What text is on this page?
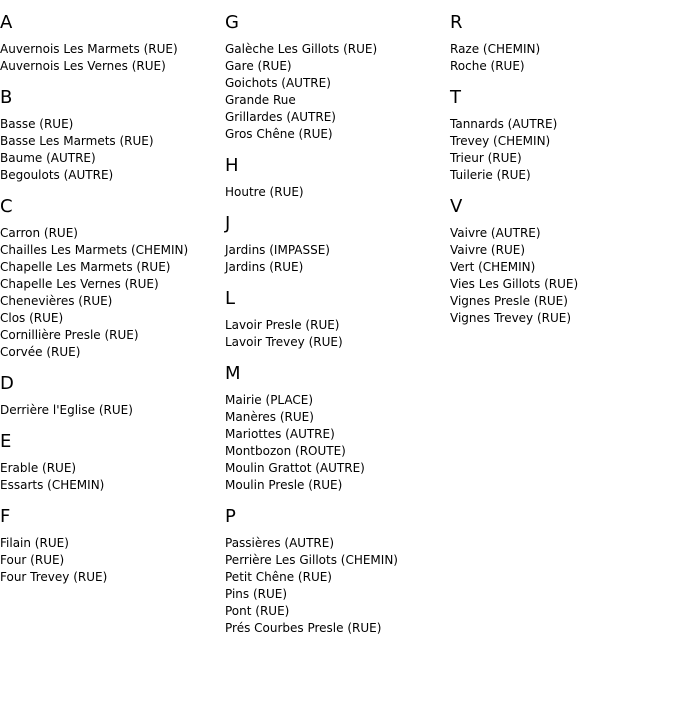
A
Auvernois Les Marmets (RUE)
Auvernois Les Vernes (RUE)
B
Basse (RUE)
Basse Les Marmets (RUE)
Baume (AUTRE)
Begoulots (AUTRE)
C
Carron (RUE)
Chailles Les Marmets (CHEMIN)
Chapelle Les Marmets (RUE)
Chapelle Les Vernes (RUE)
Chenevières (RUE)
Clos (RUE)
Cornillière Presle (RUE)
Corvée (RUE)
D
Derrière l'Eglise (RUE)
E
Erable (RUE)
Essarts (CHEMIN)
F
Filain (RUE)
Four (RUE)
Four Trevey (RUE)
G
Galèche Les Gillots (RUE)
Gare (RUE)
Goichots (AUTRE)
Grande Rue
Grillardes (AUTRE)
Gros Chêne (RUE)
H
Houtre (RUE)
J
Jardins (IMPASSE)
Jardins (RUE)
L
Lavoir Presle (RUE)
Lavoir Trevey (RUE)
M
Mairie (PLACE)
Manères (RUE)
Mariottes (AUTRE)
Montbozon (ROUTE)
Moulin Grattot (AUTRE)
Moulin Presle (RUE)
P
Passières (AUTRE)
Perrière Les Gillots (CHEMIN)
Petit Chêne (RUE)
Pins (RUE)
Pont (RUE)
Prés Courbes Presle (RUE)
R
Raze (CHEMIN)
Roche (RUE)
T
Tannards (AUTRE)
Trevey (CHEMIN)
Trieur (RUE)
Tuilerie (RUE)
V
Vaivre (AUTRE)
Vaivre (RUE)
Vert (CHEMIN)
Vies Les Gillots (RUE)
Vignes Presle (RUE)
Vignes Trevey (RUE)
